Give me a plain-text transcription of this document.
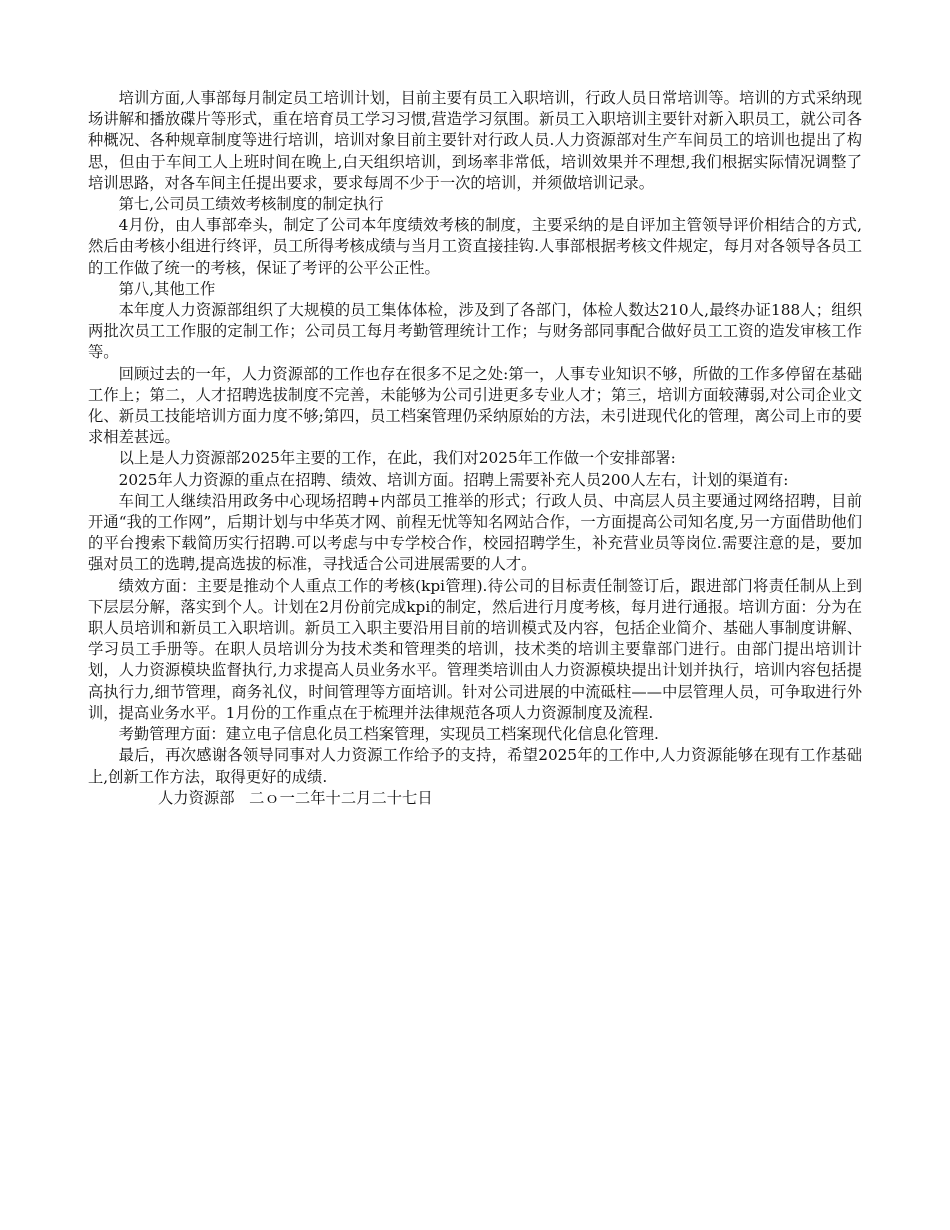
培训方面,人事部每月制定员工培训计划，目前主要有员工入职培训，行政人员日常培训等。培训的方式采纳现场讲解和播放碟片等形式，重在培育员工学习习惯,营造学习氛围。新员工入职培训主要针对新入职员工，就公司各种概况、各种规章制度等进行培训，培训对象目前主要针对行政人员.人力资源部对生产车间员工的培训也提出了构思，但由于车间工人上班时间在晚上,白天组织培训，到场率非常低，培训效果并不理想,我们根据实际情况调整了培训思路，对各车间主任提出要求，要求每周不少于一次的培训，并须做培训记录。

第七,公司员工绩效考核制度的制定执行

4月份，由人事部牵头，制定了公司本年度绩效考核的制度，主要采纳的是自评加主管领导评价相结合的方式,然后由考核小组进行终评，员工所得考核成绩与当月工资直接挂钩.人事部根据考核文件规定，每月对各领导各员工的工作做了统一的考核，保证了考评的公平公正性。

第八,其他工作

本年度人力资源部组织了大规模的员工集体体检，涉及到了各部门，体检人数达210人,最终办证188人；组织两批次员工工作服的定制工作；公司员工每月考勤管理统计工作；与财务部同事配合做好员工工资的造发审核工作等。

回顾过去的一年，人力资源部的工作也存在很多不足之处:第一，人事专业知识不够，所做的工作多停留在基础工作上；第二，人才招聘选拔制度不完善，未能够为公司引进更多专业人才；第三，培训方面较薄弱,对公司企业文化、新员工技能培训方面力度不够;第四，员工档案管理仍采纳原始的方法，未引进现代化的管理，离公司上市的要求相差甚远。

以上是人力资源部2025年主要的工作，在此，我们对2025年工作做一个安排部署:

2025年人力资源的重点在招聘、绩效、培训方面。招聘上需要补充人员200人左右，计划的渠道有:

车间工人继续沿用政务中心现场招聘+内部员工推举的形式；行政人员、中高层人员主要通过网络招聘，目前开通“我的工作网”，后期计划与中华英才网、前程无忧等知名网站合作，一方面提高公司知名度,另一方面借助他们的平台搜索下载简历实行招聘.可以考虑与中专学校合作，校园招聘学生，补充营业员等岗位.需要注意的是，要加强对员工的选聘,提高选拔的标准，寻找适合公司进展需要的人才。

绩效方面：主要是推动个人重点工作的考核(kpi管理).待公司的目标责任制签订后，跟进部门将责任制从上到下层层分解，落实到个人。计划在2月份前完成kpi的制定，然后进行月度考核，每月进行通报。培训方面：分为在职人员培训和新员工入职培训。新员工入职主要沿用目前的培训模式及内容，包括企业简介、基础人事制度讲解、学习员工手册等。在职人员培训分为技术类和管理类的培训，技术类的培训主要靠部门进行。由部门提出培训计划，人力资源模块监督执行,力求提高人员业务水平。管理类培训由人力资源模块提出计划并执行，培训内容包括提高执行力,细节管理，商务礼仪，时间管理等方面培训。针对公司进展的中流砥柱——中层管理人员，可争取进行外训，提高业务水平。1月份的工作重点在于梳理并法律规范各项人力资源制度及流程.

考勤管理方面：建立电子信息化员工档案管理，实现员工档案现代化信息化管理.

最后，再次感谢各领导同事对人力资源工作给予的支持，希望2025年的工作中,人力资源能够在现有工作基础上,创新工作方法，取得更好的成绩.

人力资源部   二ｏ一二年十二月二十七日
